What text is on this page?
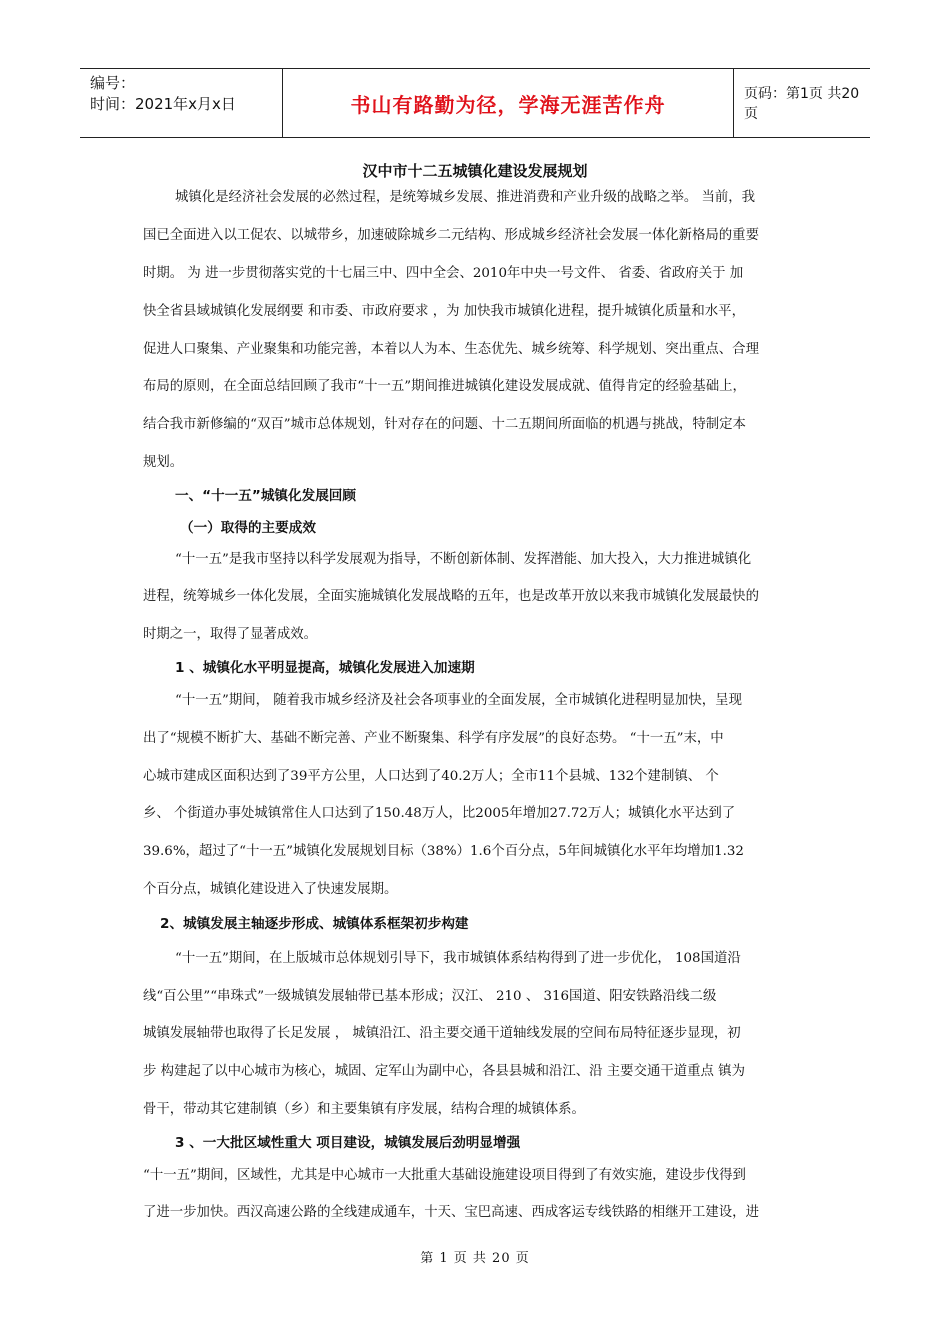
编号：
时间：2021年x月x日	书山有路勤为径，学海无涯苦作舟	页码：第1页 共20页
汉中市十二五城镇化建设发展规划
城镇化是经济社会发展的必然过程，是统筹城乡发展、推进消费和产业升级的战略之举。 当前，我
国已全面进入以工促农、以城带乡，加速破除城乡二元结构、形成城乡经济社会发展一体化新格局的重要
时期。 为 进一步贯彻落实党的十七届三中、四中全会、2010年中央一号文件、 省委、省政府关于 加
快全省县域城镇化发展纲要 和市委、市政府要求 ，为 加快我市城镇化进程，提升城镇化质量和水平，
促进人口聚集、产业聚集和功能完善，本着以人为本、生态优先、城乡统筹、科学规划、突出重点、合理
布局的原则，在全面总结回顾了我市“十一五”期间推进城镇化建设发展成就、值得肯定的经验基础上，
结合我市新修编的“双百”城市总体规划，针对存在的问题、十二五期间所面临的机遇与挑战，特制定本
规划。
一、“十一五”城镇化发展回顾
（一）取得的主要成效
“十一五”是我市坚持以科学发展观为指导，不断创新体制、发挥潜能、加大投入，大力推进城镇化
进程，统筹城乡一体化发展，全面实施城镇化发展战略的五年，也是改革开放以来我市城镇化发展最快的
时期之一，取得了显著成效。
1 、城镇化水平明显提高，城镇化发展进入加速期
“十一五”期间， 随着我市城乡经济及社会各项事业的全面发展，全市城镇化进程明显加快，呈现
出了“规模不断扩大、基础不断完善、产业不断聚集、科学有序发展”的良好态势。 “十一五”末，中
心城市建成区面积达到了39平方公里，人口达到了40.2万人；全市11个县城、132个建制镇、 个
乡、 个街道办事处城镇常住人口达到了150.48万人，比2005年增加27.72万人；城镇化水平达到了
39.6%，超过了“十一五”城镇化发展规划目标（38%）1.6个百分点，5年间城镇化水平年均增加1.32
个百分点，城镇化建设进入了快速发展期。
2、城镇发展主轴逐步形成、城镇体系框架初步构建
“十一五”期间，在上版城市总体规划引导下，我市城镇体系结构得到了进一步优化， 108国道沿
线“百公里”“串珠式”一级城镇发展轴带已基本形成；汉江、 210 、 316国道、阳安铁路沿线二级
城镇发展轴带也取得了长足发展 ， 城镇沿江、沿主要交通干道轴线发展的空间布局特征逐步显现，初
步 构建起了以中心城市为核心，城固、定军山为副中心，各县县城和沿江、沿 主要交通干道重点 镇为
骨干，带动其它建制镇（乡）和主要集镇有序发展，结构合理的城镇体系。
3 、一大批区域性重大 项目建设，城镇发展后劲明显增强
“十一五”期间，区域性，尤其是中心城市一大批重大基础设施建设项目得到了有效实施，建设步伐得到
了进一步加快。西汉高速公路的全线建成通车，十天、宝巴高速、西成客运专线铁路的相继开工建设，进
第 1 页 共 20 页
